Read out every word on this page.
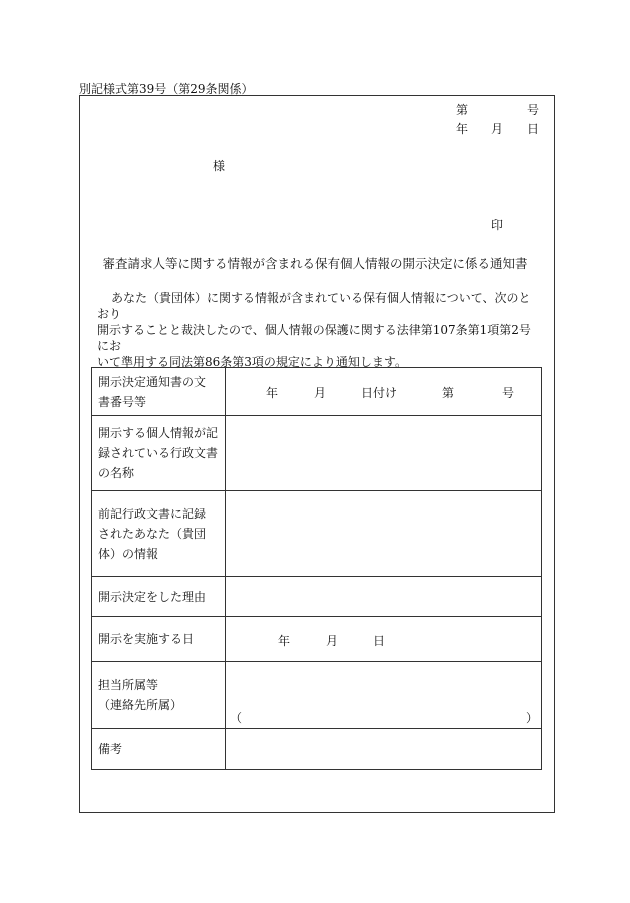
別記様式第39号（第29条関係）
第	号
年 月 日
様
印
審査請求人等に関する情報が含まれる保有個人情報の開示決定に係る通知書
あなた（貴団体）に関する情報が含まれている保有個人情報について、次のとおり
開示することと裁決したので、個人情報の保護に関する法律第107条第1項第2号にお
いて準用する同法第86条第3項の規定により通知します。
開示決定通知書の文
書番号等	年 月 日付け 第 号

開示する個人情報が記
録されている行政文書
の名称	

前記行政文書に記録
されたあなた（貴団
体）の情報	

開示決定をした理由	

開示を実施する日	年 月 日

担当所属等
（連絡先所属）	（ ）

備考	
